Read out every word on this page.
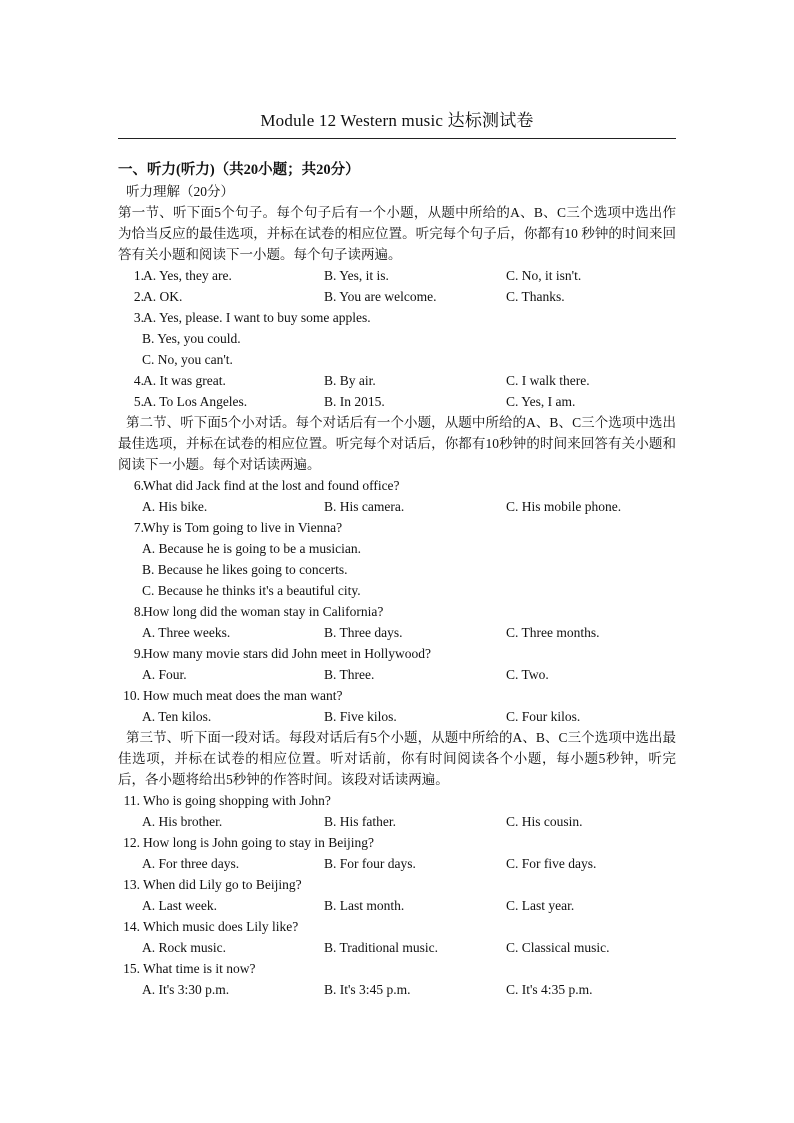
Module 12 Western music 达标测试卷
一、听力(听力)（共20小题；共20分）
听力理解（20分）
第一节、听下面5个句子。每个句子后有一个小题，从题中所给的A、B、C三个选项中选出作为恰当反应的最佳选项，并标在试卷的相应位置。听完每个句子后，你都有10 秒钟的时间来回答有关小题和阅读下一小题。每个句子读两遍。
1. A. Yes, they are.	B. Yes, it is.	C. No, it isn't.
2. A. OK.	B. You are welcome.	C. Thanks.
3. A. Yes, please. I want to buy some apples.
B. Yes, you could.
C. No, you can't.
4. A. It was great.	B. By air.	C. I walk there.
5. A. To Los Angeles.	B. In 2015.	C. Yes, I am.
第二节、听下面5个小对话。每个对话后有一个小题，从题中所给的A、B、C三个选项中选出最佳选项，并标在试卷的相应位置。听完每个对话后，你都有10秒钟的时间来回答有关小题和阅读下一小题。每个对话读两遍。
6. What did Jack find at the lost and found office?
A. His bike.	B. His camera.	C. His mobile phone.
7. Why is Tom going to live in Vienna?
A. Because he is going to be a musician.
B. Because he likes going to concerts.
C. Because he thinks it's a beautiful city.
8. How long did the woman stay in California?
A. Three weeks.	B. Three days.	C. Three months.
9. How many movie stars did John meet in Hollywood?
A. Four.	B. Three.	C. Two.
10. How much meat does the man want?
A. Ten kilos.	B. Five kilos.	C. Four kilos.
第三节、听下面一段对话。每段对话后有5个小题，从题中所给的A、B、C三个选项中选出最佳选项，并标在试卷的相应位置。听对话前，你有时间阅读各个小题，每小题5秒钟，听完后，各小题将给出5秒钟的作答时间。该段对话读两遍。
11. Who is going shopping with John?
A. His brother.	B. His father.	C. His cousin.
12. How long is John going to stay in Beijing?
A. For three days.	B. For four days.	C. For five days.
13. When did Lily go to Beijing?
A. Last week.	B. Last month.	C. Last year.
14. Which music does Lily like?
A. Rock music.	B. Traditional music.	C. Classical music.
15. What time is it now?
A. It's 3:30 p.m.	B. It's 3:45 p.m.	C. It's 4:35 p.m.
